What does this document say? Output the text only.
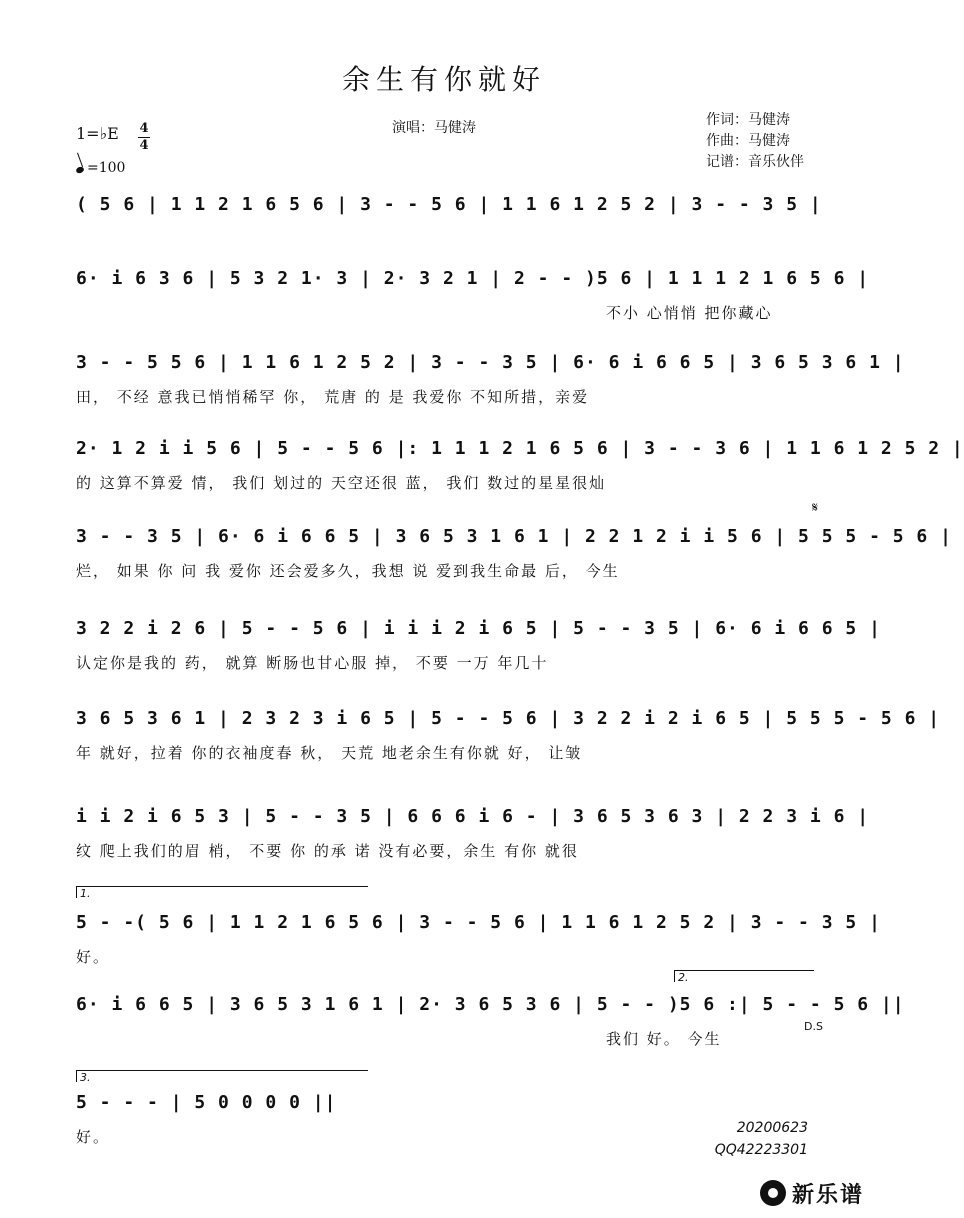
余生有你就好
演唱：马健涛	作词：马健涛
作曲：马健涛
记谱：音乐伙伴
1=♭E 4
4
=100
( 5 6 | 1 1 2 1 6 5 6 | 3 - - 5 6 | 1 1 6 1 2 5 2 | 3 - - 3 5 |
6· i 6 3 6 | 5 3 2 1· 3 | 2· 3 2 1 | 2 - - )5 6 | 1 1 1 2 1 6 5 6 |
不小 心悄悄 把你藏心
3 - - 5 5 6 | 1 1 6 1 2 5 2 | 3 - - 3 5 | 6· 6 i 6 6 5 | 3 6 5 3 6 1 |
田， 不经 意我已悄悄稀罕 你， 荒唐 的 是 我爱你 不知所措，亲爱
2· 1 2 i i 5 6 | 5 - - 5 6 |: 1 1 1 2 1 6 5 6 | 3 - - 3 6 | 1 1 6 1 2 5 2 |
的 这算不算爱 情， 我们 划过的 天空还很 蓝， 我们 数过的星星很灿
3 - - 3 5 | 6· 6 i 6 6 5 | 3 6 5 3 1 6 1 | 2 2 1 2 i i 5 6 | 5 5 5 - 5 6 |
烂， 如果 你 问 我 爱你 还会爱多久，我想 说 爱到我生命最 后， 今生
𝄋
3 2 2 i 2 6 | 5 - - 5 6 | i i i 2 i 6 5 | 5 - - 3 5 | 6· 6 i 6 6 5 |
认定你是我的 药， 就算 断肠也甘心服 掉， 不要 一万 年几十
3 6 5 3 6 1 | 2 3 2 3 i 6 5 | 5 - - 5 6 | 3 2 2 i 2 i 6 5 | 5 5 5 - 5 6 |
年 就好，拉着 你的衣袖度春 秋， 天荒 地老余生有你就 好， 让皱
i i 2 i 6 5 3 | 5 - - 3 5 | 6 6 6 i 6 - | 3 6 5 3 6 3 | 2 2 3 i 6 |
纹 爬上我们的眉 梢， 不要 你 的承 诺 没有必要，余生 有你 就很
1.
5 - -( 5 6 | 1 1 2 1 6 5 6 | 3 - - 5 6 | 1 1 6 1 2 5 2 | 3 - - 3 5 |
好。
2.
6· i 6 6 5 | 3 6 5 3 1 6 1 | 2· 3 6 5 3 6 | 5 - - )5 6 :| 5 - - 5 6 ||
我们 好。 今生
D.S
3.
5 - - - | 5 0 0 0 0 ||
好。	20200623
QQ42223301
新乐谱
